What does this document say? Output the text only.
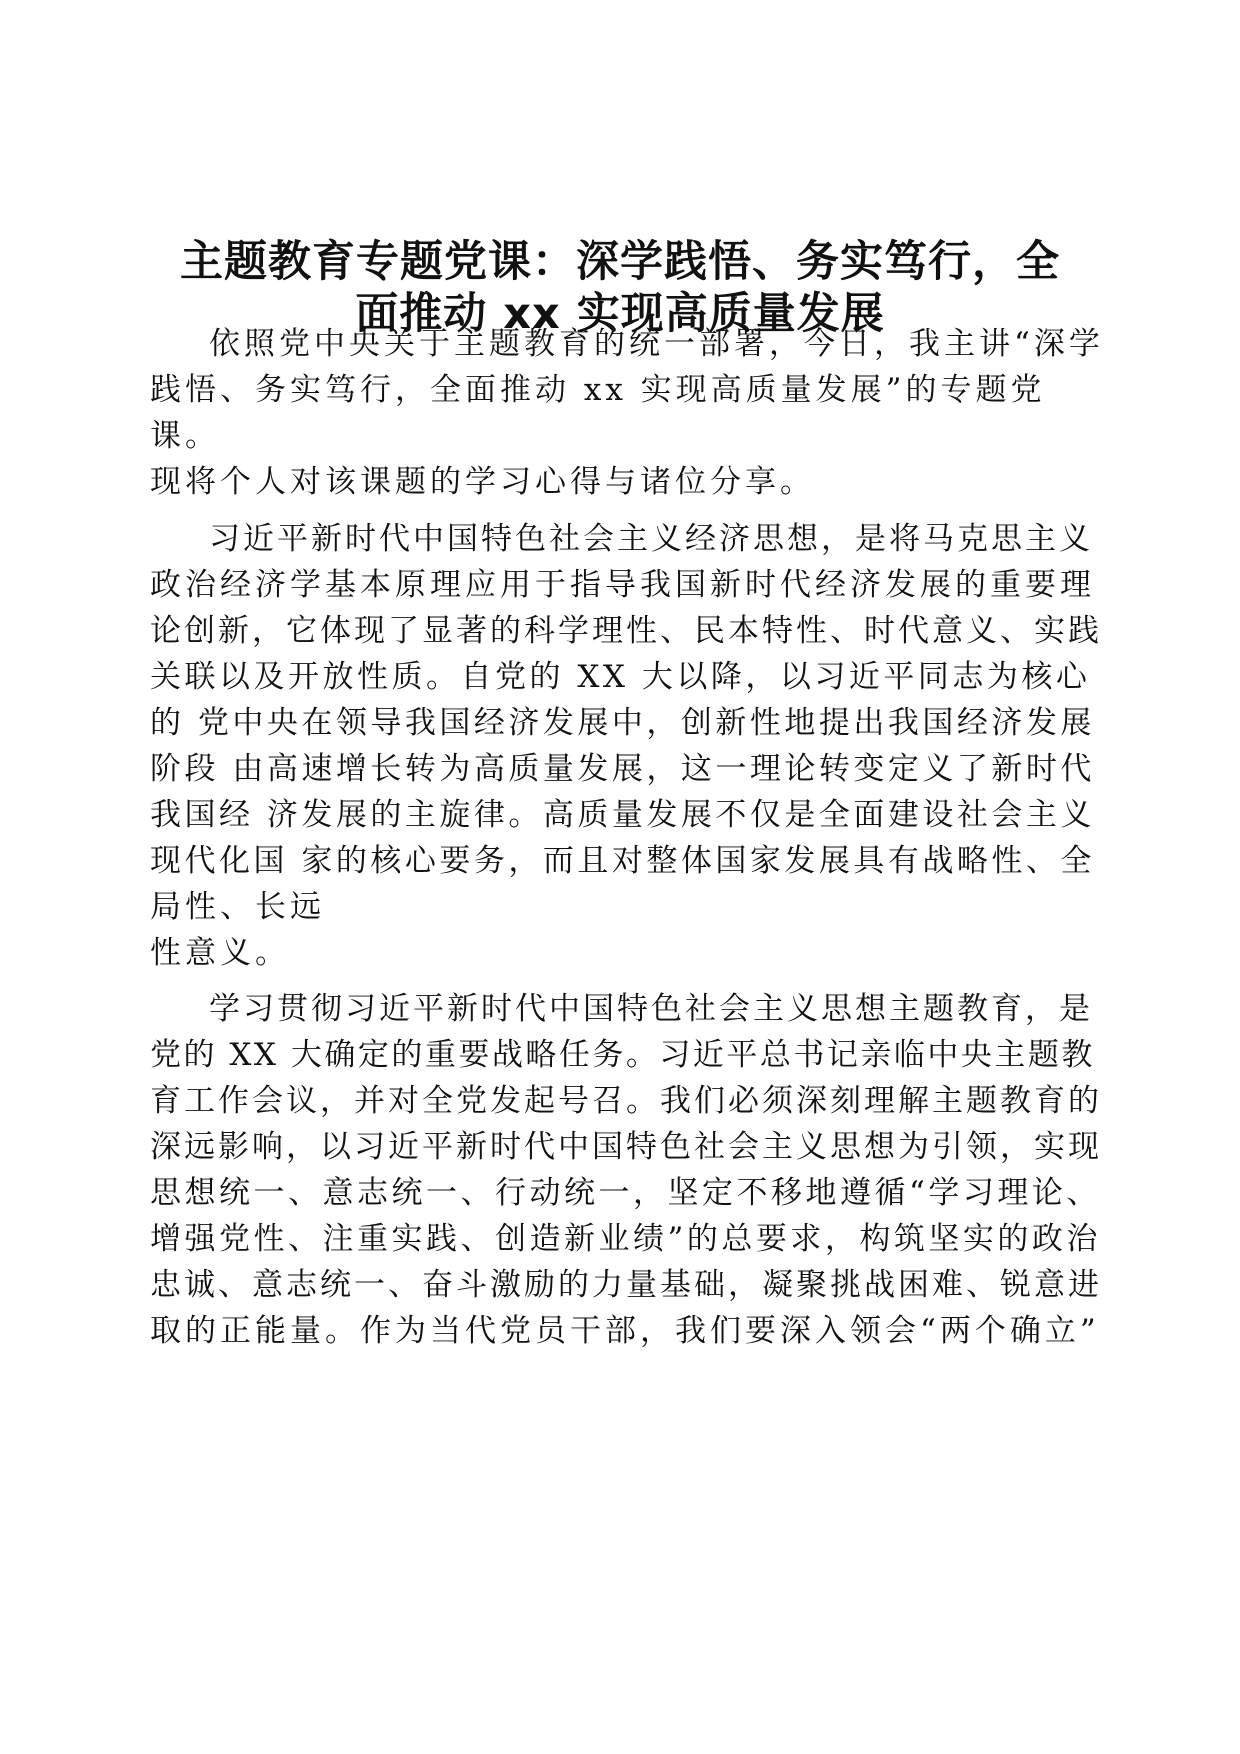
主题教育专题党课：深学践悟、务实笃行，全
面推动 xx 实现高质量发展
依照党中央关于主题教育的统一部署，今日，我主讲“深学
践悟、务实笃行，全面推动 xx 实现高质量发展”的专题党
课。
现将个人对该课题的学习心得与诸位分享。
习近平新时代中国特色社会主义经济思想，是将马克思主义
政治经济学基本原理应用于指导我国新时代经济发展的重要理
论创新，它体现了显著的科学理性、民本特性、时代意义、实践
关联以及开放性质。自党的 XX 大以降，以习近平同志为核心
的 党中央在领导我国经济发展中，创新性地提出我国经济发展
阶段 由高速增长转为高质量发展，这一理论转变定义了新时代
我国经 济发展的主旋律。高质量发展不仅是全面建设社会主义
现代化国 家的核心要务，而且对整体国家发展具有战略性、全
局性、长远
性意义。
学习贯彻习近平新时代中国特色社会主义思想主题教育，是
党的 XX 大确定的重要战略任务。习近平总书记亲临中央主题教
育工作会议，并对全党发起号召。我们必须深刻理解主题教育的
深远影响，以习近平新时代中国特色社会主义思想为引领，实现
思想统一、意志统一、行动统一，坚定不移地遵循“学习理论、
增强党性、注重实践、创造新业绩”的总要求，构筑坚实的政治
忠诚、意志统一、奋斗激励的力量基础，凝聚挑战困难、锐意进
取的正能量。作为当代党员干部，我们要深入领会“两个确立”
